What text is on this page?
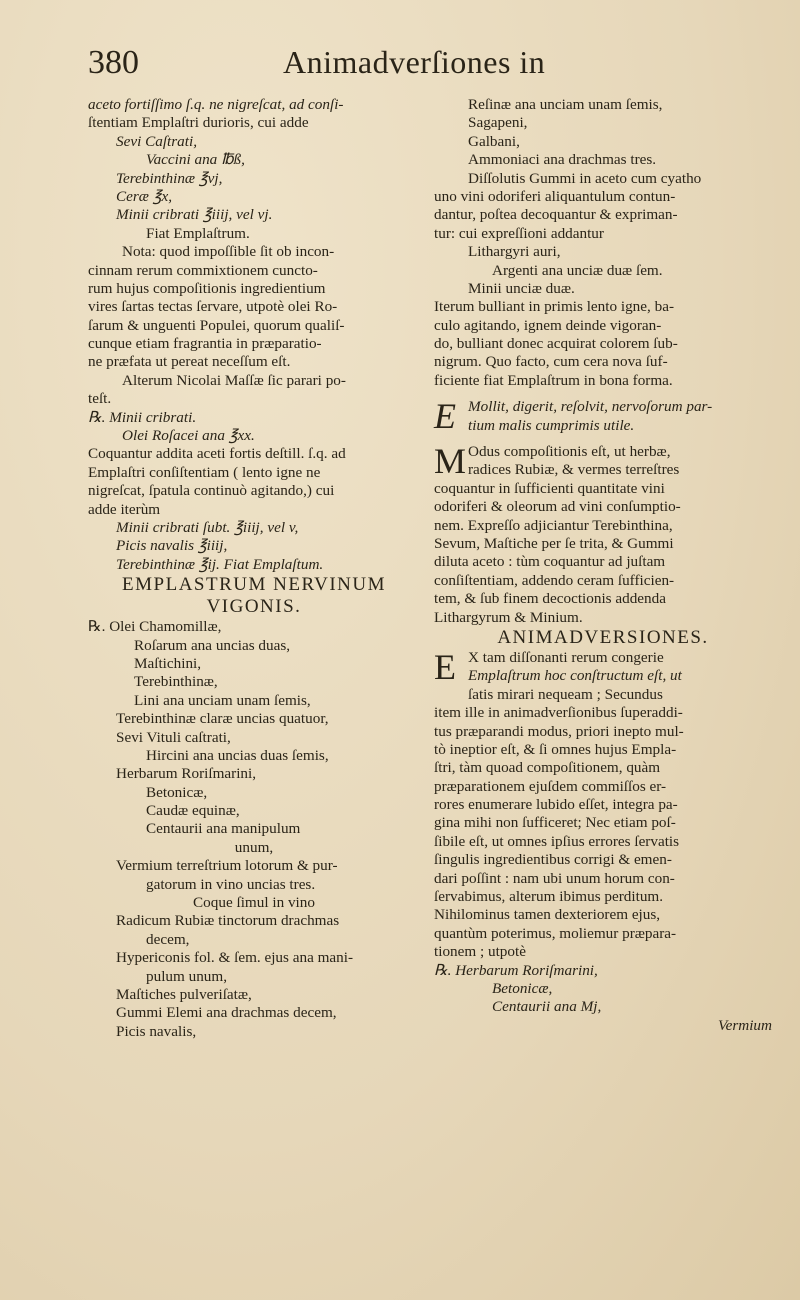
380	Animadverſiones in
aceto fortiſſimo ſ.q. ne nigreſcat, ad conſi-
ſtentiam Emplaſtri durioris, cui adde
Sevi Caſtrati,
Vaccini ana ℔ß,
Terebinthinæ ℥vj,
Ceræ ℥x,
Minii cribrati ℥iiij, vel vj.
Fiat Emplaſtrum.
Nota: quod impoſſible ſit ob incon-
cinnam rerum commixtionem cuncto-
rum hujus compoſitionis ingredientium
vires ſartas tectas ſervare, utpotè olei Ro-
ſarum & unguenti Populei, quorum qualiſ-
cunque etiam fragrantia in præparatio-
ne præfata ut pereat neceſſum eſt.
Alterum Nicolai Maſſæ ſic parari po-
teſt.
℞. Minii cribrati.
Olei Roſacei ana ℥xx.
Coquantur addita aceti fortis deſtill. ſ.q. ad
Emplaſtri conſiſtentiam ( lento igne ne
nigreſcat, ſpatula continuò agitando,) cui
adde iterùm
Minii cribrati ſubt. ℥iiij, vel v,
Picis navalis ℥iiij,
Terebinthinæ ℥ij. Fiat Emplaſtum.
EMPLASTRUM NERVINUM
VIGONIS.
℞. Olei Chamomillæ,
Roſarum ana uncias duas,
Maſtichini,
Terebinthinæ,
Lini ana unciam unam ſemis,
Terebinthinæ claræ uncias quatuor,
Sevi Vituli caſtrati,
Hircini ana uncias duas ſemis,
Herbarum Roriſmarini,
Betonicæ,
Caudæ equinæ,
Centaurii ana manipulum
unum,
Vermium terreſtrium lotorum & pur-
gatorum in vino uncias tres.
Coque ſimul in vino
Radicum Rubiæ tinctorum drachmas
decem,
Hypericonis fol. & ſem. ejus ana mani-
pulum unum,
Maſtiches pulveriſatæ,
Gummi Elemi ana drachmas decem,
Picis navalis,
Reſinæ ana unciam unam ſemis,
Sagapeni,
Galbani,
Ammoniaci ana drachmas tres.
Diſſolutis Gummi in aceto cum cyatho
uno vini odoriferi aliquantulum contun-
dantur, poſtea decoquantur & expriman-
tur: cui expreſſioni addantur
Lithargyri auri,
Argenti ana unciæ duæ ſem.
Minii unciæ duæ.
Iterum bulliant in primis lento igne, ba-
culo agitando, ignem deinde vigoran-
do, bulliant donec acquirat colorem ſub-
nigrum. Quo facto, cum cera nova ſuf-
ficiente fiat Emplaſtrum in bona forma.
E Mollit, digerit, reſolvit, nervoſorum par-
tium malis cumprimis utile.
M Odus compoſitionis eſt, ut herbæ,
radices Rubiæ, & vermes terreſtres
coquantur in ſufficienti quantitate vini
odoriferi & oleorum ad vini conſumptio-
nem. Expreſſo adjiciantur Terebinthina,
Sevum, Maſtiche per ſe trita, & Gummi
diluta aceto : tùm coquantur ad juſtam
conſiſtentiam, addendo ceram ſufficien-
tem, & ſub finem decoctionis addenda
Lithargyrum & Minium.
ANIMADVERSIONES.
E X tam diſſonanti rerum congerie
Emplaſtrum hoc conſtructum eſt, ut
ſatis mirari nequeam ; Secundus
item ille in animadverſionibus ſuperaddi-
tus præparandi modus, priori inepto mul-
tò ineptior eſt, & ſi omnes hujus Empla-
ſtri, tàm quoad compoſitionem, quàm
præparationem ejuſdem commiſſos er-
rores enumerare lubido eſſet, integra pa-
gina mihi non ſufficeret; Nec etiam poſ-
ſibile eſt, ut omnes ipſius errores ſervatis
ſingulis ingredientibus corrigi & emen-
dari poſſint : nam ubi unum horum con-
ſervabimus, alterum ibimus perditum.
Nihilominus tamen dexteriorem ejus,
quantùm poterimus, moliemur præpara-
tionem ; utpotè
℞. Herbarum Roriſmarini,
Betonicæ,
Centaurii ana Mj,
Vermium
